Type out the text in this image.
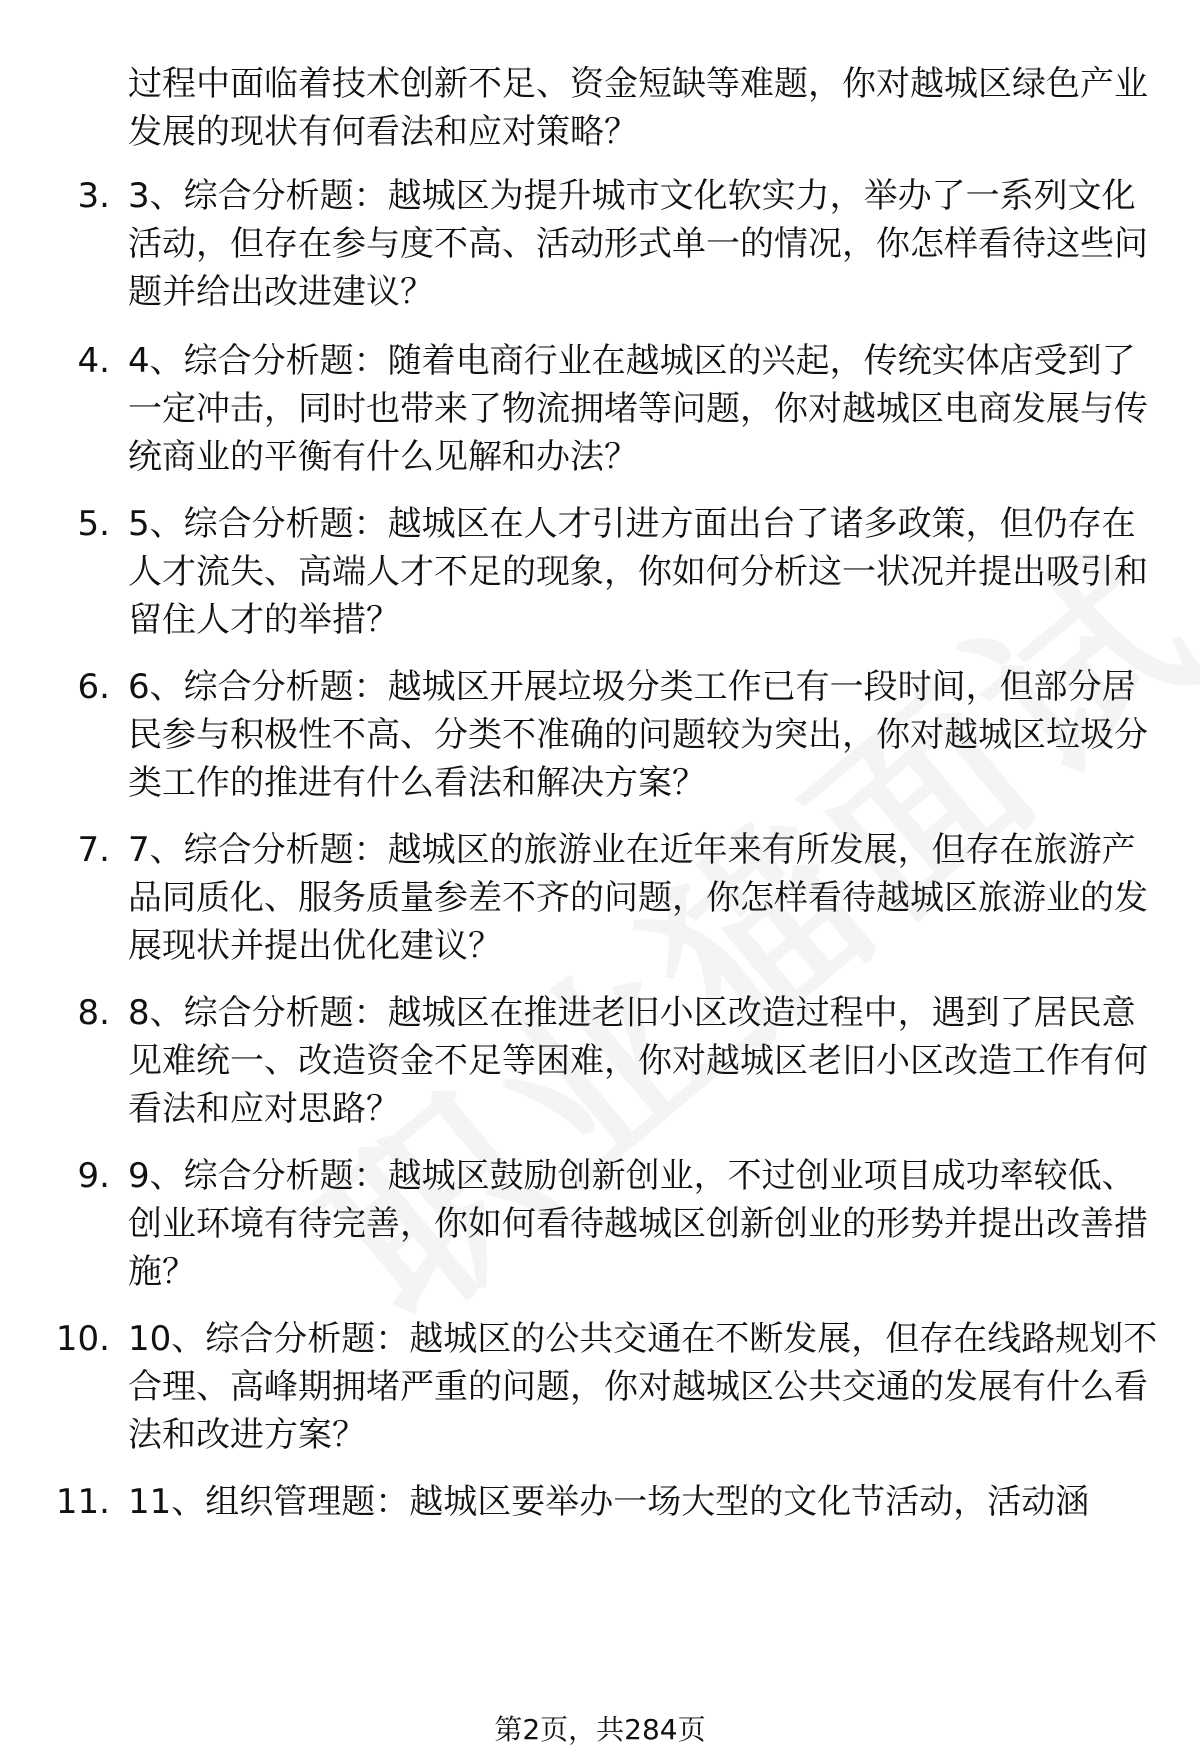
过程中面临着技术创新不足、资金短缺等难题，你对越城区绿色产业发展的现状有何看法和应对策略？

3. 3、综合分析题：越城区为提升城市文化软实力，举办了一系列文化活动，但存在参与度不高、活动形式单一的情况，你怎样看待这些问题并给出改进建议？
4. 4、综合分析题：随着电商行业在越城区的兴起，传统实体店受到了一定冲击，同时也带来了物流拥堵等问题，你对越城区电商发展与传统商业的平衡有什么见解和办法？
5. 5、综合分析题：越城区在人才引进方面出台了诸多政策，但仍存在人才流失、高端人才不足的现象，你如何分析这一状况并提出吸引和留住人才的举措？
6. 6、综合分析题：越城区开展垃圾分类工作已有一段时间，但部分居民参与积极性不高、分类不准确的问题较为突出，你对越城区垃圾分类工作的推进有什么看法和解决方案？
7. 7、综合分析题：越城区的旅游业在近年来有所发展，但存在旅游产品同质化、服务质量参差不齐的问题，你怎样看待越城区旅游业的发展现状并提出优化建议？
8. 8、综合分析题：越城区在推进老旧小区改造过程中，遇到了居民意见难统一、改造资金不足等困难，你对越城区老旧小区改造工作有何看法和应对思路？
9. 9、综合分析题：越城区鼓励创新创业，不过创业项目成功率较低、创业环境有待完善，你如何看待越城区创新创业的形势并提出改善措施？
10. 10、综合分析题：越城区的公共交通在不断发展，但存在线路规划不合理、高峰期拥堵严重的问题，你对越城区公共交通的发展有什么看法和改进方案？
11. 11、组织管理题：越城区要举办一场大型的文化节活动，活动涵
第2页，共284页
